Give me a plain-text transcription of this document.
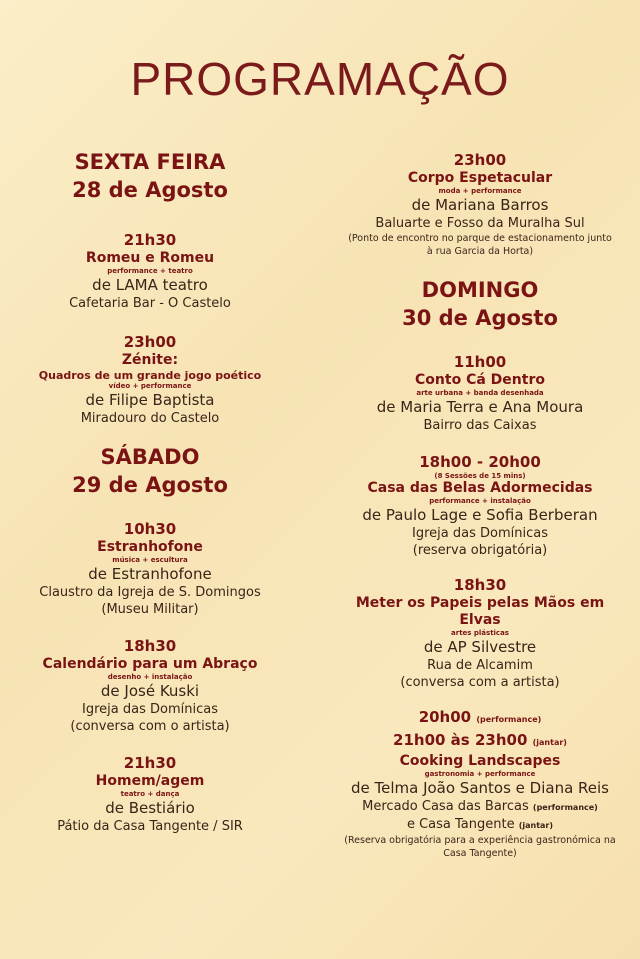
PROGRAMAÇÃO
SEXTA FEIRA
28 de Agosto
21h30
Romeu e Romeu
performance + teatro
de LAMA teatro
Cafetaria Bar - O Castelo
23h00
Zénite:
Quadros de um grande jogo poético
vídeo + performance
de Filipe Baptista
Miradouro do Castelo
SÁBADO
29 de Agosto
10h30
Estranhofone
música + escultura
de Estranhofone
Claustro da Igreja de S. Domingos
(Museu Militar)
18h30
Calendário para um Abraço
desenho + instalação
de José Kuski
Igreja das Domínicas
(conversa com o artista)
21h30
Homem/agem
teatro + dança
de Bestiário
Pátio da Casa Tangente / SIR
23h00
Corpo Espetacular
moda + performance
de Mariana Barros
Baluarte e Fosso da Muralha Sul
(Ponto de encontro no parque de estacionamento junto
à rua Garcia da Horta)
DOMINGO
30 de Agosto
11h00
Conto Cá Dentro
arte urbana + banda desenhada
de Maria Terra e Ana Moura
Bairro das Caixas
18h00 - 20h00
(8 Sessões de 15 mins)
Casa das Belas Adormecidas
performance + instalação
de Paulo Lage e Sofia Berberan
Igreja das Domínicas
(reserva obrigatória)
18h30
Meter os Papeis pelas Mãos em
Elvas
artes plásticas
de AP Silvestre
Rua de Alcamim
(conversa com a artista)
20h00 (performance)
21h00 às 23h00 (jantar)
Cooking Landscapes
gastronomia + performance
de Telma João Santos e Diana Reis
Mercado Casa das Barcas (performance)
e Casa Tangente (jantar)
(Reserva obrigatória para a experiência gastronómica na
Casa Tangente)
